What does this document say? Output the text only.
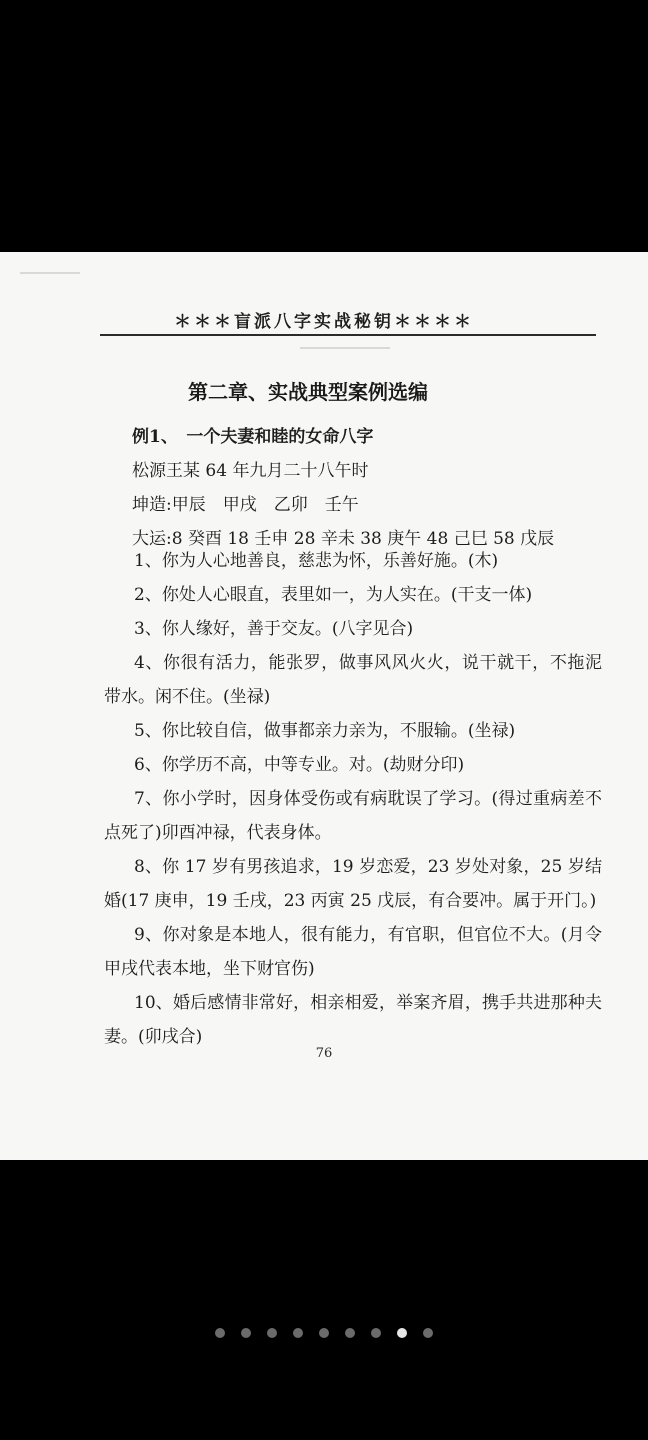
＊＊＊盲派八字实战秘钥＊＊＊＊
第二章、实战典型案例选编
例1、　一个夫妻和睦的女命八字
松源王某 64 年九月二十八午时
坤造:甲辰　甲戌　乙卯　壬午
大运:8 癸酉 18 壬申 28 辛未 38 庚午 48 己巳 58 戊辰
1、你为人心地善良，慈悲为怀，乐善好施。(木)
2、你处人心眼直，表里如一，为人实在。(干支一体)
3、你人缘好，善于交友。(八字见合)
4、你很有活力，能张罗，做事风风火火，说干就干，不拖泥带水。闲不住。(坐禄)
5、你比较自信，做事都亲力亲为，不服输。(坐禄)
6、你学历不高，中等专业。对。(劫财分印)
7、你小学时，因身体受伤或有病耽误了学习。(得过重病差不点死了)卯酉冲禄，代表身体。
8、你 17 岁有男孩追求，19 岁恋爱，23 岁处对象，25 岁结婚(17 庚申，19 壬戌，23 丙寅 25 戊辰，有合要冲。属于开门。)
9、你对象是本地人，很有能力，有官职，但官位不大。(月令甲戌代表本地，坐下财官伤)
10、婚后感情非常好，相亲相爱，举案齐眉，携手共进那种夫妻。(卯戌合)
76
